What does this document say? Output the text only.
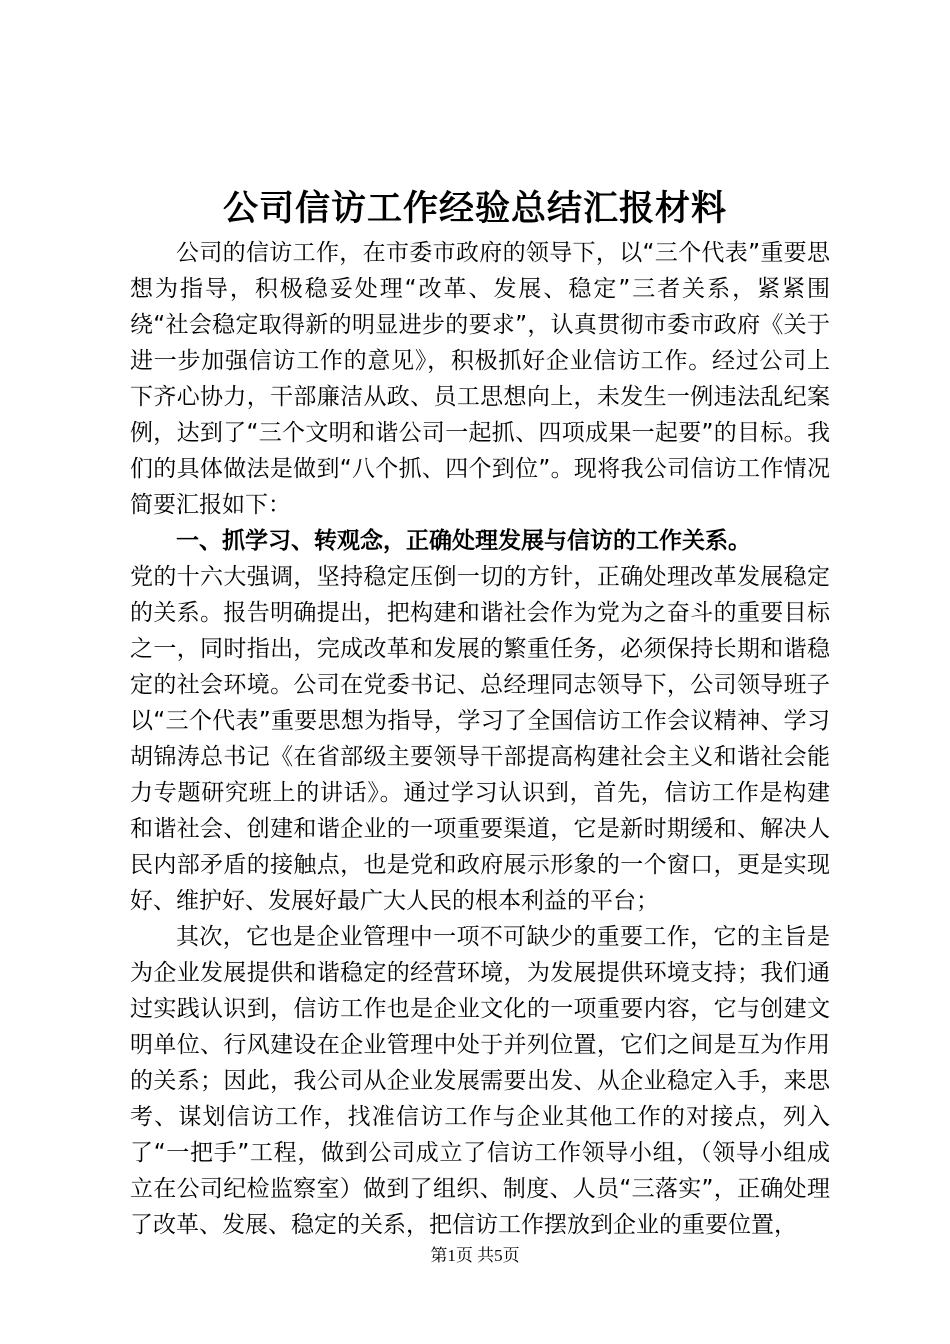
公司信访工作经验总结汇报材料

公司的信访工作，在市委市政府的领导下，以“三个代表”重要思想为指导，积极稳妥处理“改革、发展、稳定”三者关系，紧紧围绕“社会稳定取得新的明显进步的要求”，认真贯彻市委市政府《关于进一步加强信访工作的意见》，积极抓好企业信访工作。经过公司上下齐心协力，干部廉洁从政、员工思想向上，未发生一例违法乱纪案例，达到了“三个文明和谐公司一起抓、四项成果一起要”的目标。我们的具体做法是做到“八个抓、四个到位”。现将我公司信访工作情况简要汇报如下：

一、抓学习、转观念，正确处理发展与信访的工作关系。

党的十六大强调，坚持稳定压倒一切的方针，正确处理改革发展稳定的关系。报告明确提出，把构建和谐社会作为党为之奋斗的重要目标之一，同时指出，完成改革和发展的繁重任务，必须保持长期和谐稳定的社会环境。公司在党委书记、总经理同志领导下，公司领导班子以“三个代表”重要思想为指导，学习了全国信访工作会议精神、学习胡锦涛总书记《在省部级主要领导干部提高构建社会主义和谐社会能力专题研究班上的讲话》。通过学习认识到，首先，信访工作是构建和谐社会、创建和谐企业的一项重要渠道，它是新时期缓和、解决人民内部矛盾的接触点，也是党和政府展示形象的一个窗口，更是实现好、维护好、发展好最广大人民的根本利益的平台；

其次，它也是企业管理中一项不可缺少的重要工作，它的主旨是为企业发展提供和谐稳定的经营环境，为发展提供环境支持；我们通过实践认识到，信访工作也是企业文化的一项重要内容，它与创建文明单位、行风建设在企业管理中处于并列位置，它们之间是互为作用的关系；因此，我公司从企业发展需要出发、从企业稳定入手，来思考、谋划信访工作，找准信访工作与企业其他工作的对接点，列入了“一把手”工程，做到公司成立了信访工作领导小组，（领导小组成立在公司纪检监察室）做到了组织、制度、人员“三落实”，正确处理了改革、发展、稳定的关系，把信访工作摆放到企业的重要位置，

第1页 共5页
